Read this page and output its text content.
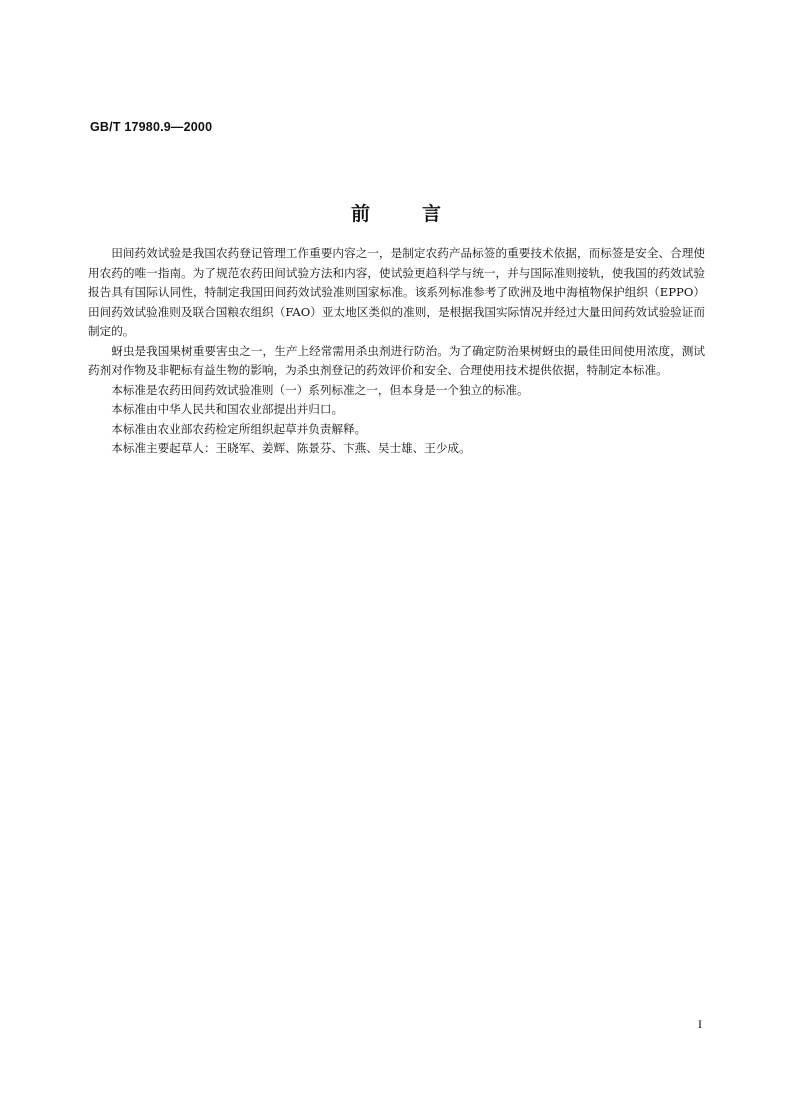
GB/T 17980.9—2000
前言

田间药效试验是我国农药登记管理工作重要内容之一，是制定农药产品标签的重要技术依据，而标签是安全、合理使用农药的唯一指南。为了规范农药田间试验方法和内容，使试验更趋科学与统一，并与国际准则接轨，使我国的药效试验报告具有国际认同性，特制定我国田间药效试验准则国家标准。该系列标准参考了欧洲及地中海植物保护组织（EPPO）田间药效试验准则及联合国粮农组织（FAO）亚太地区类似的准则，是根据我国实际情况并经过大量田间药效试验验证而制定的。

蚜虫是我国果树重要害虫之一，生产上经常需用杀虫剂进行防治。为了确定防治果树蚜虫的最佳田间使用浓度，测试药剂对作物及非靶标有益生物的影响，为杀虫剂登记的药效评价和安全、合理使用技术提供依据，特制定本标准。

本标准是农药田间药效试验准则（一）系列标准之一，但本身是一个独立的标准。

本标准由中华人民共和国农业部提出并归口。

本标准由农业部农药检定所组织起草并负责解释。

本标准主要起草人：王晓军、姜辉、陈景芬、卞燕、吴士雄、王少成。

I
